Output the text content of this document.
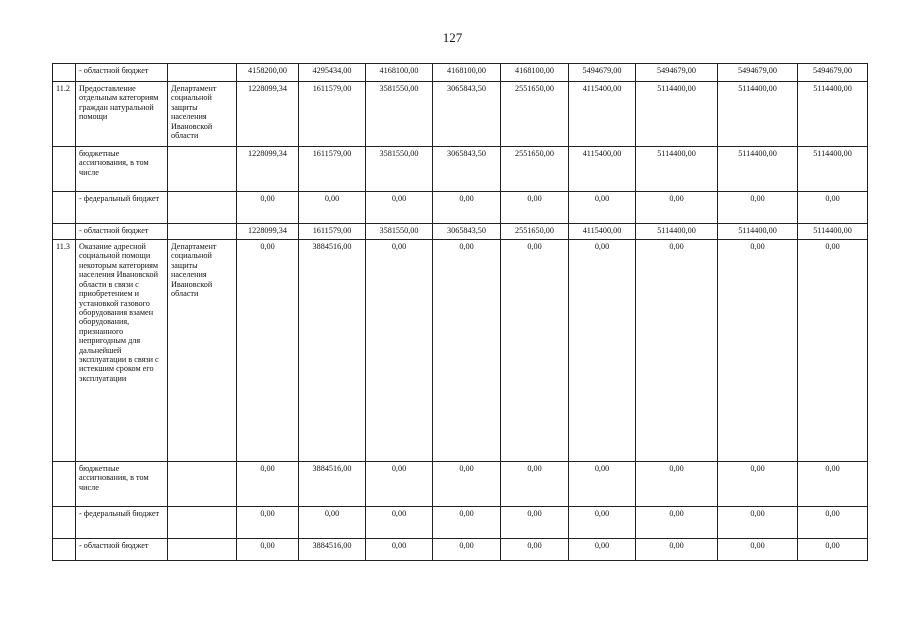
127
	- областной бюджет		4158200,00	4295434,00	4168100,00	4168100,00	4168100,00	5494679,00	5494679,00	5494679,00	5494679,00
11.2	Предоставление отдельным категориям граждан натуральной помощи	Департамент социальной защиты населения Ивановской области	1228099,34	1611579,00	3581550,00	3065843,50	2551650,00	4115400,00	5114400,00	5114400,00	5114400,00
	бюджетные ассигнования, в том числе		1228099,34	1611579,00	3581550,00	3065843,50	2551650,00	4115400,00	5114400,00	5114400,00	5114400,00
	- федеральный бюджет		0,00	0,00	0,00	0,00	0,00	0,00	0,00	0,00	0,00
	- областной бюджет		1228099,34	1611579,00	3581550,00	3065843,50	2551650,00	4115400,00	5114400,00	5114400,00	5114400,00
11.3	Оказание адресной социальной помощи некоторым категориям населения Ивановской области в связи с приобретением и установкой газового оборудования взамен оборудования, признанного непригодным для дальнейшей эксплуатации в связи с истекшим сроком его эксплуатации	Департамент социальной защиты населения Ивановской области	0,00	3884516,00	0,00	0,00	0,00	0,00	0,00	0,00	0,00
	бюджетные ассигнования, в том числе		0,00	3884516,00	0,00	0,00	0,00	0,00	0,00	0,00	0,00
	- федеральный бюджет		0,00	0,00	0,00	0,00	0,00	0,00	0,00	0,00	0,00
	- областной бюджет		0,00	3884516,00	0,00	0,00	0,00	0,00	0,00	0,00	0,00
